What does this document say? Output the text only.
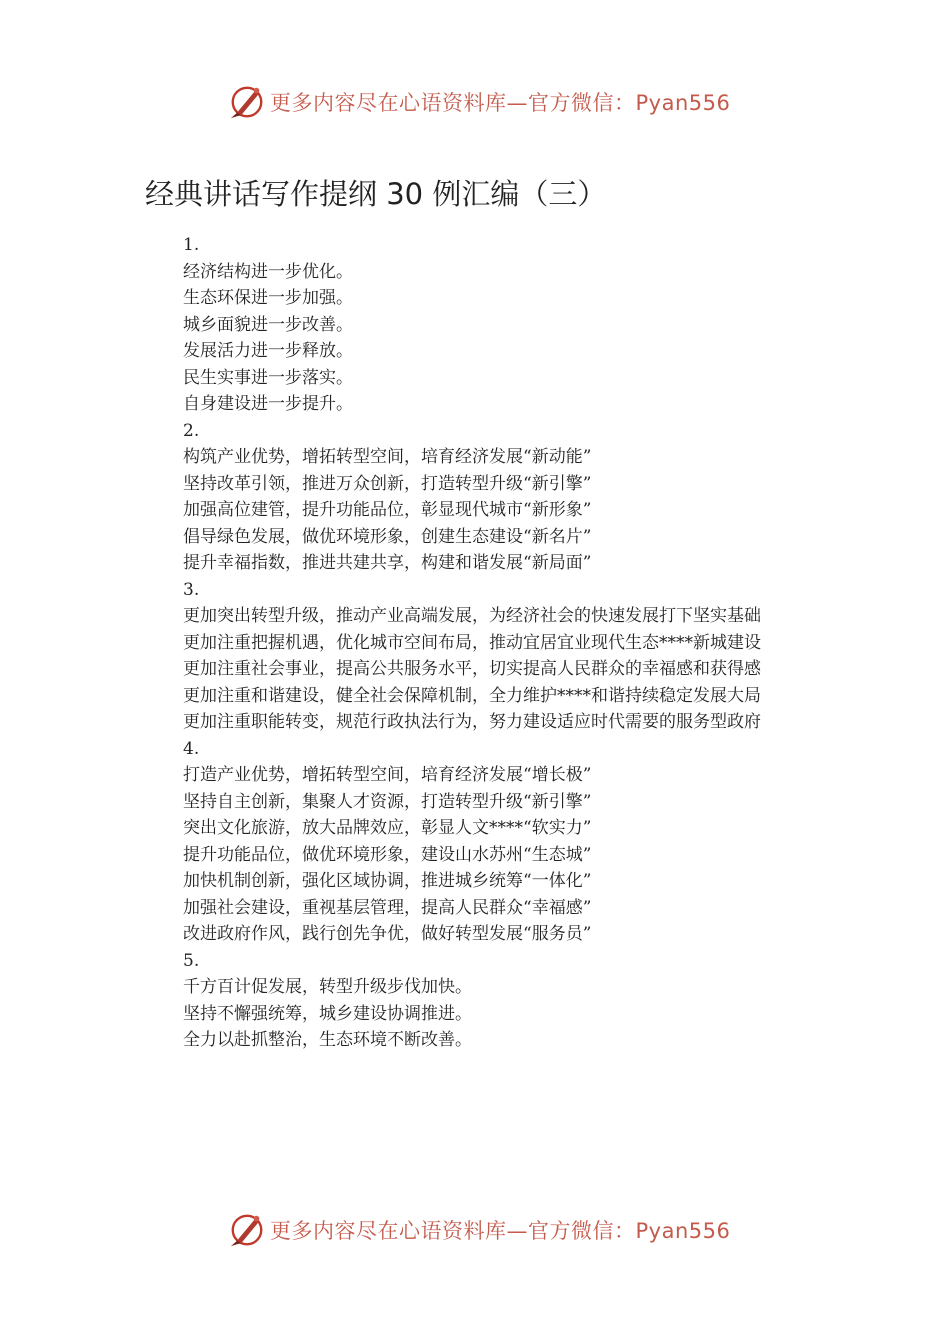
更多内容尽在心语资料库—官方微信：Pyan556
经典讲话写作提纲 30 例汇编（三）
1.
经济结构进一步优化。
生态环保进一步加强。
城乡面貌进一步改善。
发展活力进一步释放。
民生实事进一步落实。
自身建设进一步提升。
2.
构筑产业优势，增拓转型空间，培育经济发展“新动能”
坚持改革引领，推进万众创新，打造转型升级“新引擎”
加强高位建管，提升功能品位，彰显现代城市“新形象”
倡导绿色发展，做优环境形象，创建生态建设“新名片”
提升幸福指数，推进共建共享，构建和谐发展“新局面”
3.
更加突出转型升级，推动产业高端发展，为经济社会的快速发展打下坚实基础
更加注重把握机遇，优化城市空间布局，推动宜居宜业现代生态****新城建设
更加注重社会事业，提高公共服务水平，切实提高人民群众的幸福感和获得感
更加注重和谐建设，健全社会保障机制，全力维护****和谐持续稳定发展大局
更加注重职能转变，规范行政执法行为，努力建设适应时代需要的服务型政府
4.
打造产业优势，增拓转型空间，培育经济发展“增长极”
坚持自主创新，集聚人才资源，打造转型升级“新引擎”
突出文化旅游，放大品牌效应，彰显人文****“软实力”
提升功能品位，做优环境形象，建设山水苏州“生态城”
加快机制创新，强化区域协调，推进城乡统筹“一体化”
加强社会建设，重视基层管理，提高人民群众“幸福感”
改进政府作风，践行创先争优，做好转型发展“服务员”
5.
千方百计促发展，转型升级步伐加快。
坚持不懈强统筹，城乡建设协调推进。
全力以赴抓整治，生态环境不断改善。
更多内容尽在心语资料库—官方微信：Pyan556
